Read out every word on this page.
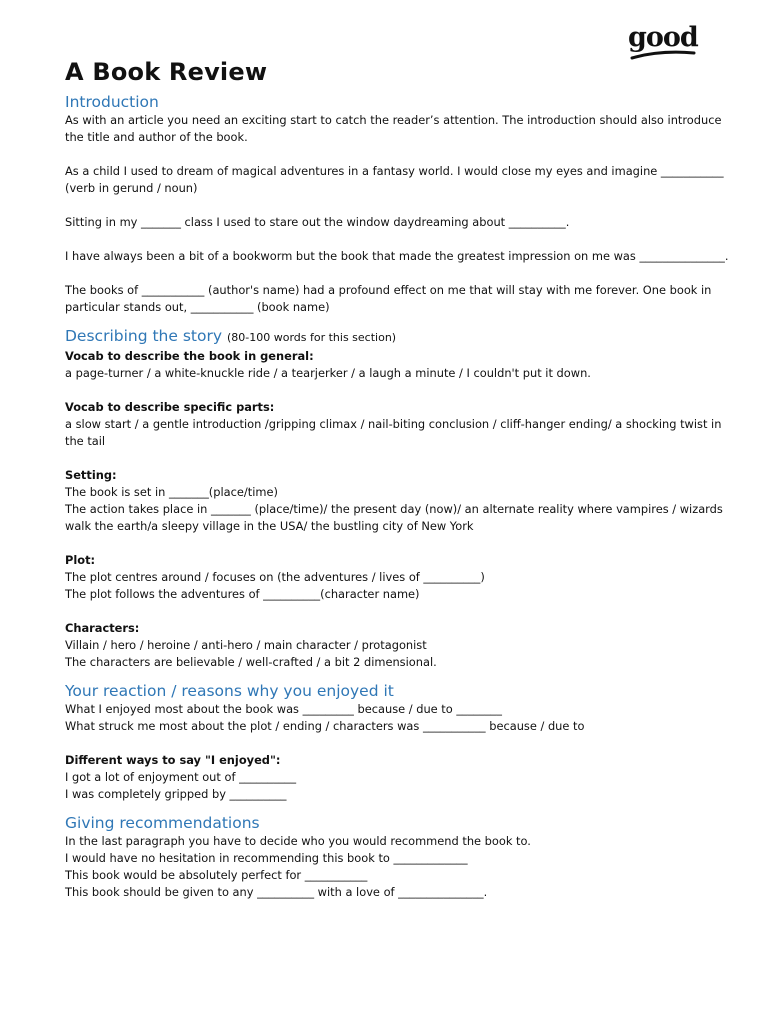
good
A Book Review
Introduction

As with an article you need an exciting start to catch the reader’s attention. The introduction should also introduce the title and author of the book.

As a child I used to dream of magical adventures in a fantasy world. I would close my eyes and imagine ___________ (verb in gerund / noun)

Sitting in my _______ class I used to stare out the window daydreaming about __________.

I have always been a bit of a bookworm but the book that made the greatest impression on me was _______________.

The books of ___________ (author's name) had a profound effect on me that will stay with me forever. One book in particular stands out, ___________ (book name)

Describing the story (80-100 words for this section)
Vocab to describe the book in general:

a page-turner / a white-knuckle ride / a tearjerker / a laugh a minute / I couldn't put it down.

Vocab to describe specific parts:

a slow start / a gentle introduction /gripping climax / nail-biting conclusion / cliff-hanger ending/ a shocking twist in the tail

Setting:

The book is set in _______(place/time)

The action takes place in _______ (place/time)/ the present day (now)/ an alternate reality where vampires / wizards walk the earth/a sleepy village in the USA/ the bustling city of New York

Plot:

The plot centres around / focuses on (the adventures / lives of __________)

The plot follows the adventures of __________(character name)

Characters:

Villain / hero / heroine / anti-hero / main character / protagonist

The characters are believable / well-crafted / a bit 2 dimensional.

Your reaction / reasons why you enjoyed it

What I enjoyed most about the book was _________ because / due to ________

What struck me most about the plot / ending / characters was ___________ because / due to

Different ways to say "I enjoyed":

I got a lot of enjoyment out of __________

I was completely gripped by __________

Giving recommendations

In the last paragraph you have to decide who you would recommend the book to.

I would have no hesitation in recommending this book to _____________

This book would be absolutely perfect for ___________

This book should be given to any __________ with a love of _______________.
